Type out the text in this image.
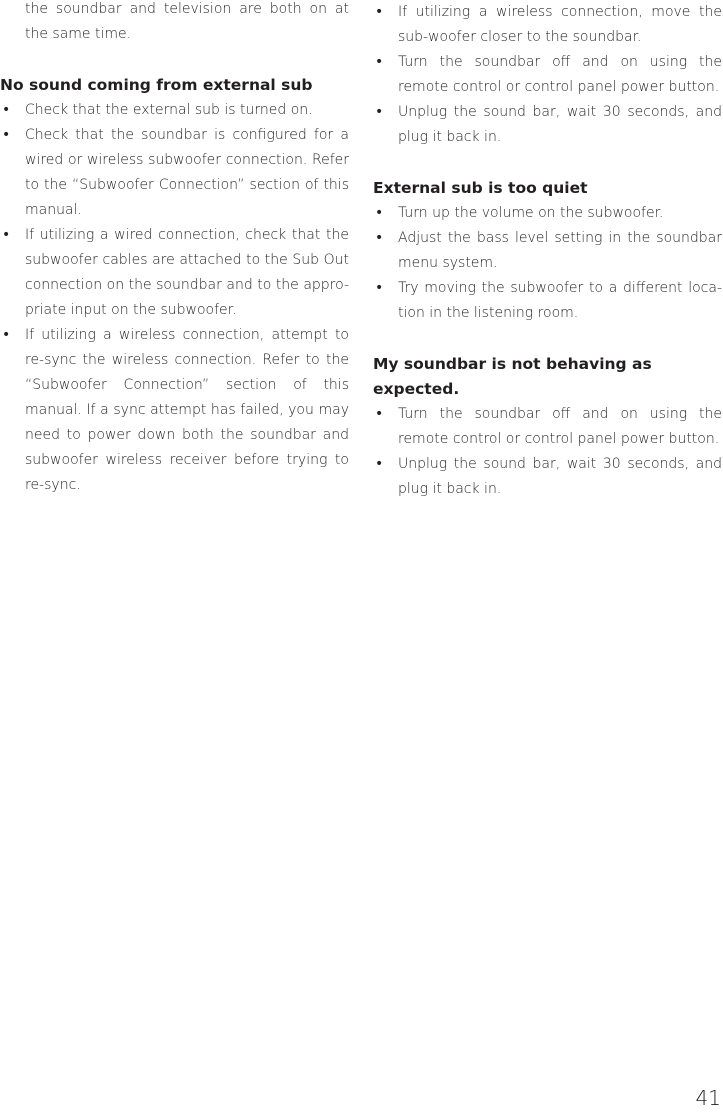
the soundbar and television are both on at the same time.

No sound coming from external sub
• Check that the external sub is turned on.

• Check that the soundbar is configured for a wired or wireless subwoofer connection. Refer to the “Subwoofer Connection” section of this manual.

• If utilizing a wired connection, check that the subwoofer cables are attached to the Sub Out connection on the soundbar and to the appro-priate input on the subwoofer.

• If utilizing a wireless connection, attempt to re-sync the wireless connection. Refer to the “Subwoofer Connection” section of this manual. If a sync attempt has failed, you may need to power down both the soundbar and subwoofer wireless receiver before trying to re-sync.

• If utilizing a wireless connection, move the sub-woofer closer to the soundbar.

• Turn the soundbar off and on using the remote control or control panel power button.

• Unplug the sound bar, wait 30 seconds, and plug it back in.

External sub is too quiet
• Turn up the volume on the subwoofer.

• Adjust the bass level setting in the soundbar menu system.

• Try moving the subwoofer to a different loca-tion in the listening room.

My soundbar is not behaving as expected.
• Turn the soundbar off and on using the remote control or control panel power button.

• Unplug the sound bar, wait 30 seconds, and plug it back in.

41
